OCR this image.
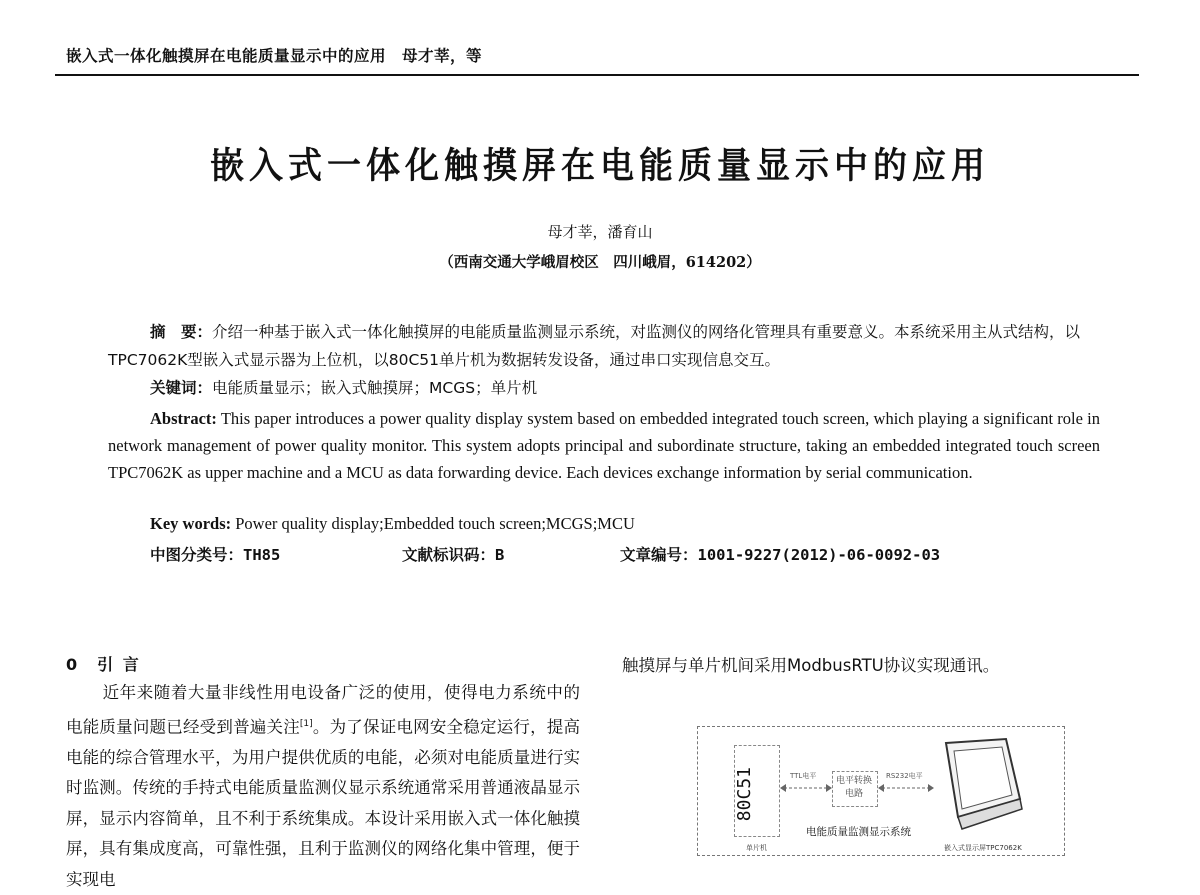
嵌入式一体化触摸屏在电能质量显示中的应用　母才莘，等
嵌入式一体化触摸屏在电能质量显示中的应用
母才莘，潘育山
（西南交通大学峨眉校区　四川峨眉，614202）
摘　要：介绍一种基于嵌入式一体化触摸屏的电能质量监测显示系统，对监测仪的网络化管理具有重要意义。本系统采用主从式结构，以TPC7062K型嵌入式显示器为上位机，以80C51单片机为数据转发设备，通过串口实现信息交互。
关键词：电能质量显示；嵌入式触摸屏；MCGS；单片机
Abstract: This paper introduces a power quality display system based on embedded integrated touch screen, which playing a significant role in network management of power quality monitor. This system adopts principal and subordinate structure, taking an embedded integrated touch screen TPC7062K as upper machine and a MCU as data forwarding device. Each devices exchange information by serial communication.
Key words: Power quality display;Embedded touch screen;MCGS;MCU
中图分类号：TH85	文献标识码：B	文章编号：1001-9227(2012)-06-0092-03
0　引 言
近年来随着大量非线性用电设备广泛的使用，使得电力系统中的电能质量问题已经受到普遍关注[1]。为了保证电网安全稳定运行，提高电能的综合管理水平，为用户提供优质的电能，必须对电能质量进行实时监测。传统的手持式电能质量监测仪显示系统通常采用普通液晶显示屏，显示内容简单，且不利于系统集成。本设计采用嵌入式一体化触摸屏，具有集成度高，可靠性强，且利于监测仪的网络化集中管理，便于实现电
触摸屏与单片机间采用ModbusRTU协议实现通讯。
80C51	TTL电平	电平转换电路
RS232电平
电能质量监测显示系统
单片机	嵌入式显示屏TPC7062K
